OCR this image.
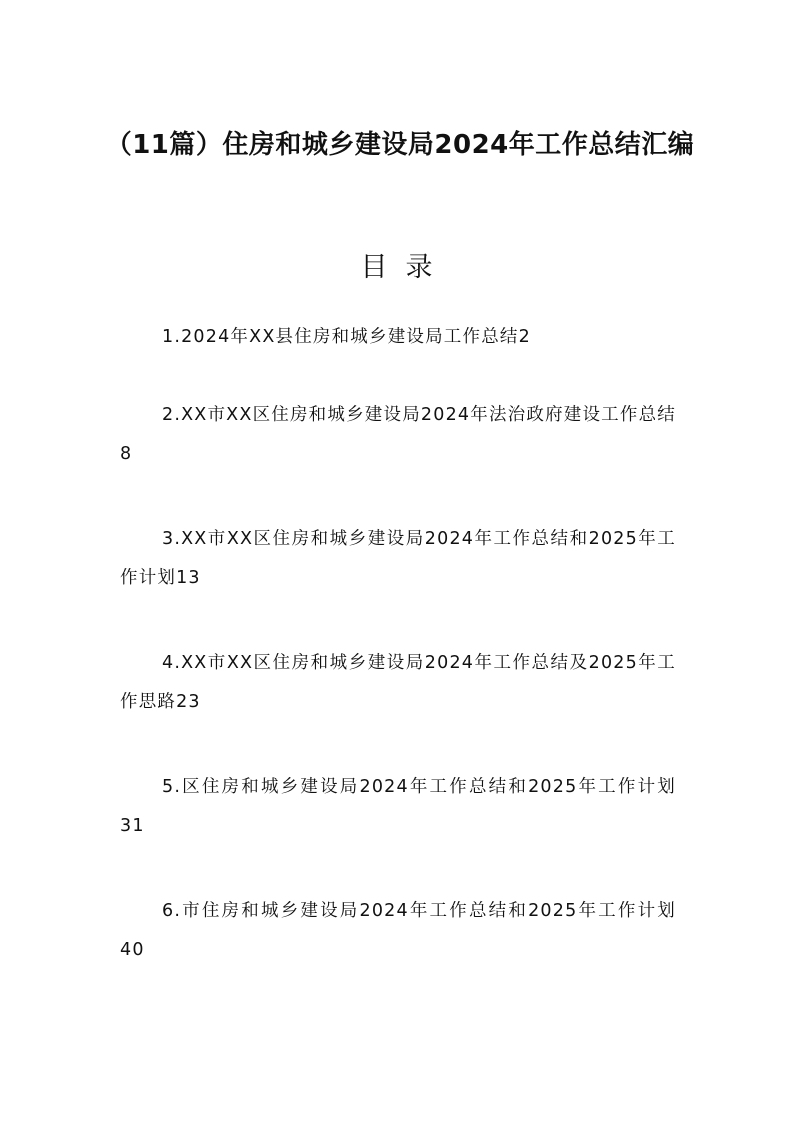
（11篇）住房和城乡建设局2024年工作总结汇编
目录
1.2024年XX县住房和城乡建设局工作总结2
2.XX市XX区住房和城乡建设局2024年法治政府建设工作总结8
3.XX市XX区住房和城乡建设局2024年工作总结和2025年工作计划13
4.XX市XX区住房和城乡建设局2024年工作总结及2025年工作思路23
5.区住房和城乡建设局2024年工作总结和2025年工作计划31
6.市住房和城乡建设局2024年工作总结和2025年工作计划40
